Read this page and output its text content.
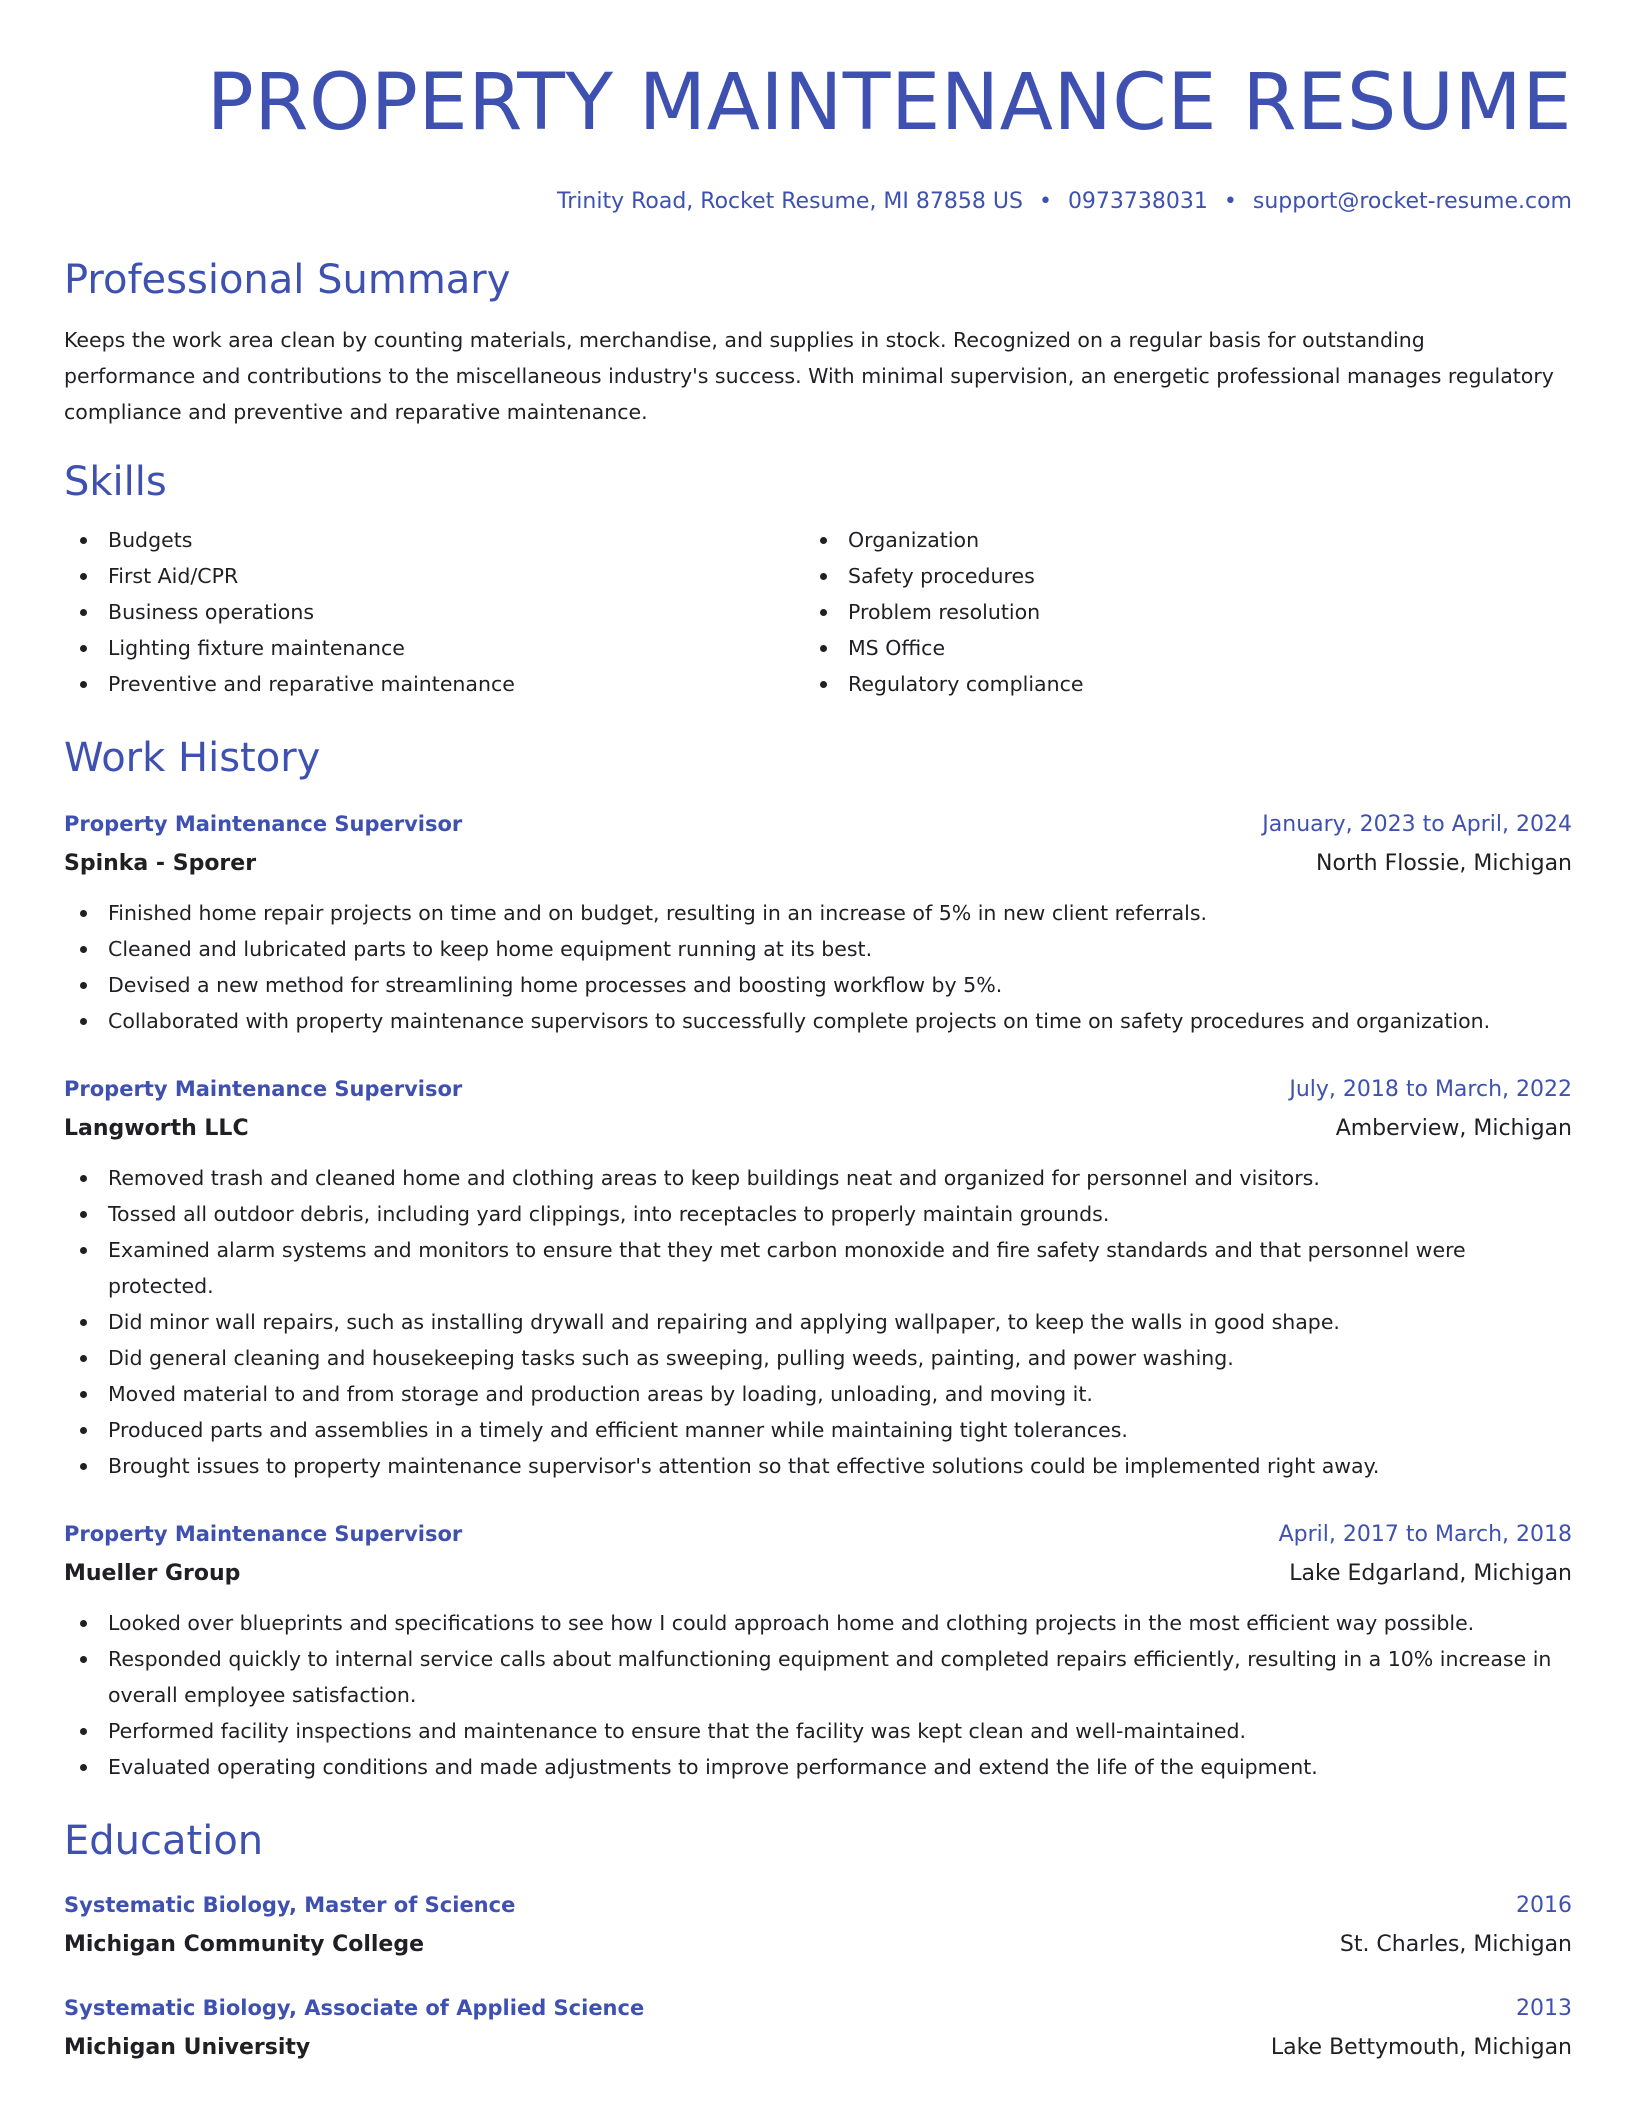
PROPERTY MAINTENANCE RESUME
Trinity Road, Rocket Resume, MI 87858 US • 0973738031 • support@rocket-resume.com
Professional Summary

Keeps the work area clean by counting materials, merchandise, and supplies in stock. Recognized on a regular basis for outstanding performance and contributions to the miscellaneous industry's success. With minimal supervision, an energetic professional manages regulatory compliance and preventive and reparative maintenance.

Skills
Budgets
First Aid/CPR
Business operations
Lighting fixture maintenance
Preventive and reparative maintenance
Organization
Safety procedures
Problem resolution
MS Office
Regulatory compliance
Work History
Property Maintenance Supervisor	January, 2023 to April, 2024
Spinka - Sporer	North Flossie, Michigan
Finished home repair projects on time and on budget, resulting in an increase of 5% in new client referrals.
Cleaned and lubricated parts to keep home equipment running at its best.
Devised a new method for streamlining home processes and boosting workflow by 5%.
Collaborated with property maintenance supervisors to successfully complete projects on time on safety procedures and organization.
Property Maintenance Supervisor	July, 2018 to March, 2022
Langworth LLC	Amberview, Michigan
Removed trash and cleaned home and clothing areas to keep buildings neat and organized for personnel and visitors.
Tossed all outdoor debris, including yard clippings, into receptacles to properly maintain grounds.
Examined alarm systems and monitors to ensure that they met carbon monoxide and fire safety standards and that personnel were protected.
Did minor wall repairs, such as installing drywall and repairing and applying wallpaper, to keep the walls in good shape.
Did general cleaning and housekeeping tasks such as sweeping, pulling weeds, painting, and power washing.
Moved material to and from storage and production areas by loading, unloading, and moving it.
Produced parts and assemblies in a timely and efficient manner while maintaining tight tolerances.
Brought issues to property maintenance supervisor's attention so that effective solutions could be implemented right away.
Property Maintenance Supervisor	April, 2017 to March, 2018
Mueller Group	Lake Edgarland, Michigan
Looked over blueprints and specifications to see how I could approach home and clothing projects in the most efficient way possible.
Responded quickly to internal service calls about malfunctioning equipment and completed repairs efficiently, resulting in a 10% increase in overall employee satisfaction.
Performed facility inspections and maintenance to ensure that the facility was kept clean and well-maintained.
Evaluated operating conditions and made adjustments to improve performance and extend the life of the equipment.
Education
Systematic Biology, Master of Science	2016
Michigan Community College	St. Charles, Michigan
Systematic Biology, Associate of Applied Science	2013
Michigan University	Lake Bettymouth, Michigan
